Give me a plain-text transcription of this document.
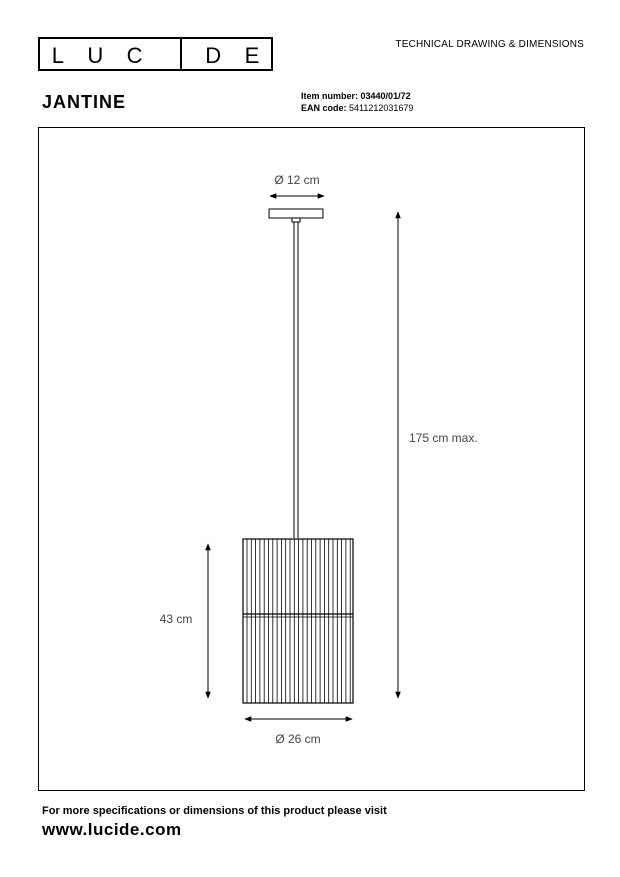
L U C	D E	TECHNICAL DRAWING & DIMENSIONS
JANTINE	Item number: 03440/01/72
EAN code: 5411212031679
Ø 12 cm
175 cm max.
43 cm
Ø 26 cm
For more specifications or dimensions of this product please visit
www.lucide.com
